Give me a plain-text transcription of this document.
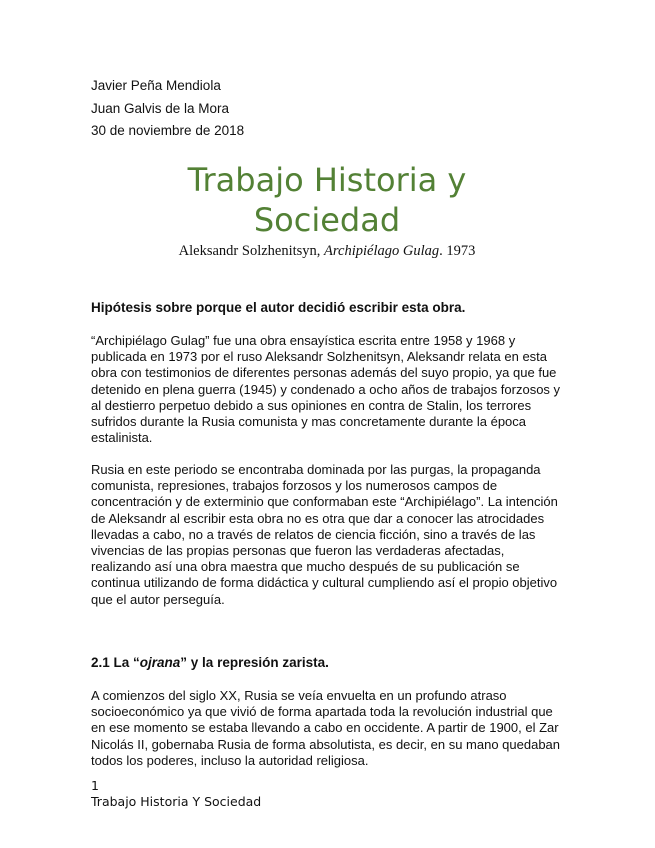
Javier Peña Mendiola
Juan Galvis de la Mora
30 de noviembre de 2018
Trabajo Historia y
Sociedad
Aleksandr Solzhenitsyn, Archipiélago Gulag. 1973
Hipótesis sobre porque el autor decidió escribir esta obra.
“Archipiélago Gulag” fue una obra ensayística escrita entre 1958 y 1968 y publicada en 1973 por el ruso Aleksandr Solzhenitsyn, Aleksandr relata en esta obra con testimonios de diferentes personas además del suyo propio, ya que fue detenido en plena guerra (1945) y condenado a ocho años de trabajos forzosos y al destierro perpetuo debido a sus opiniones en contra de Stalin, los terrores sufridos durante la Rusia comunista y mas concretamente durante la época estalinista.
Rusia en este periodo se encontraba dominada por las purgas, la propaganda comunista, represiones, trabajos forzosos y los numerosos campos de concentración y de exterminio que conformaban este “Archipiélago”. La intención de Aleksandr al escribir esta obra no es otra que dar a conocer las atrocidades llevadas a cabo, no a través de relatos de ciencia ficción, sino a través de las vivencias de las propias personas que fueron las verdaderas afectadas, realizando así una obra maestra que mucho después de su publicación se continua utilizando de forma didáctica y cultural cumpliendo así el propio objetivo que el autor perseguía.
2.1 La “ojrana” y la represión zarista.
A comienzos del siglo XX, Rusia se veía envuelta en un profundo atraso socioeconómico ya que vivió de forma apartada toda la revolución industrial que en ese momento se estaba llevando a cabo en occidente. A partir de 1900, el Zar Nicolás II, gobernaba Rusia de forma absolutista, es decir, en su mano quedaban todos los poderes, incluso la autoridad religiosa.
1
Trabajo Historia Y Sociedad
